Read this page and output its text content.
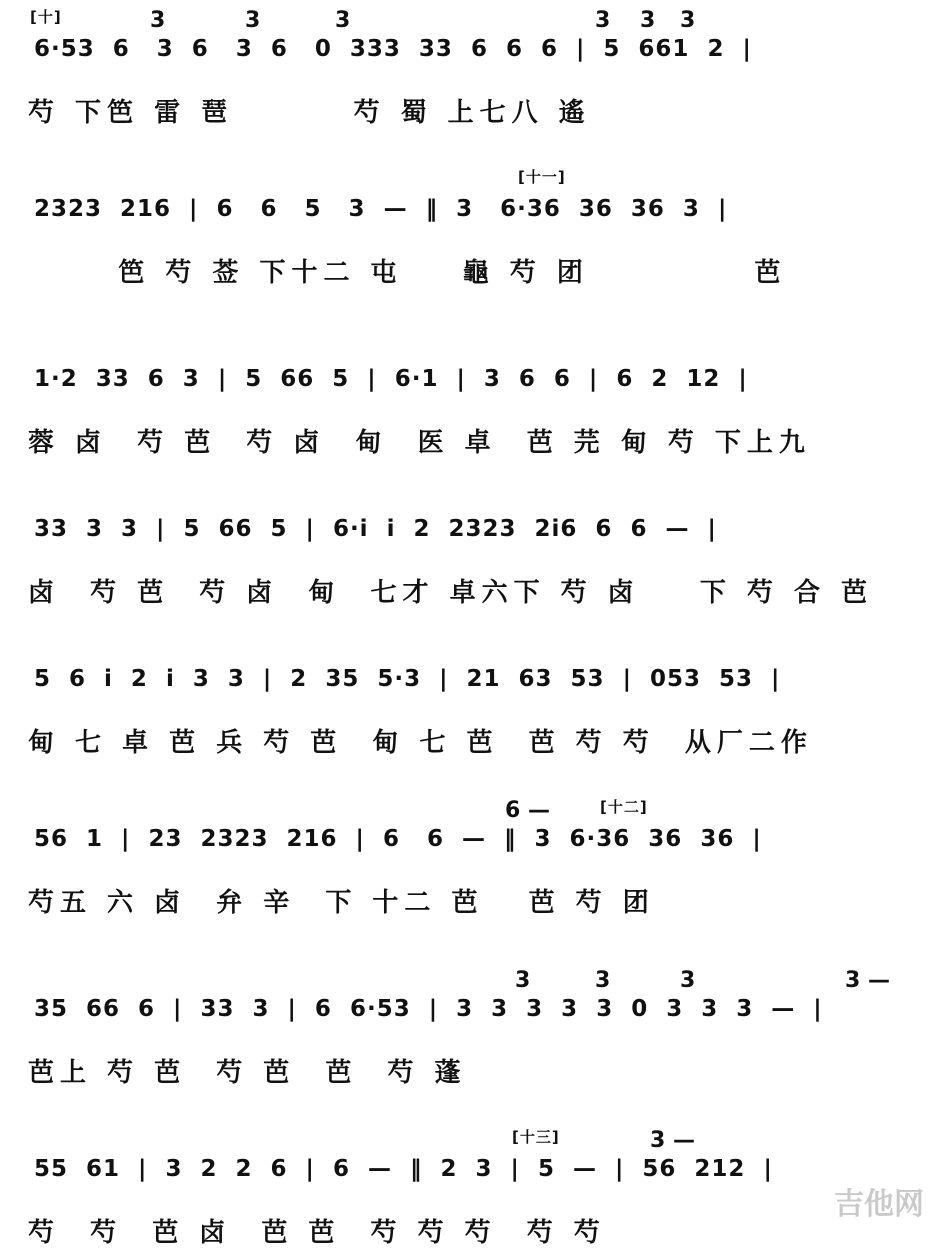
[十]	3	3	3	3 3 3
6·53  6   3  6   3  6   0  333  33  6  6  6  |  5  661  2  |
芍 下笆 雷 琶        芍 蜀 上七八 遙
[十一]
2323  216  |  6   6   5   3  —  ‖  3   6·36  36  36  3  |
笆 芍 莶 下十二 屯    龜 芍 团           芭
1·2  33  6  3  |  5  66  5  |  6·1  |  3  6  6  |  6  2  12  |
蓉 卤  芍 芭  芍 卤  甸  医 卓  芭 芫 甸 芍 下上九
33  3  3  |  5  66  5  |  6·i  i  2  2323  2i6  6  6  —  |
卤  芍 芭  芍 卤  甸  七才 卓六下 芍 卤    下 芍 合 芭
5  6  i  2  i  3  3  |  2  35  5·3  |  21  63  53  |  053  53  |
甸 七 卓 芭 兵 芍 芭  甸 七 芭  芭 芍 芍  从厂二作
[十二]
6 —
56  1  |  23  2323  216  |  6   6  —  ‖  3  6·36  36  36  |
芍五 六 卤  弁 辛  下 十二 芭   芭 芍 团
3	3	3	3 —
35  66  6  |  33  3  |  6  6·53  |  3  3  3  3  3  0  3  3  3  —  |
芭上 芍 芭  芍 芭  芭  芍 蓬
[十三]	3 —
55  61  |  3  2  2  6  |  6  —  ‖  2  3  |  5  —  |  56  212  |
芍  芍  芭 卤  芭 芭  芍 芍 芍  芍 芍
吉他网
